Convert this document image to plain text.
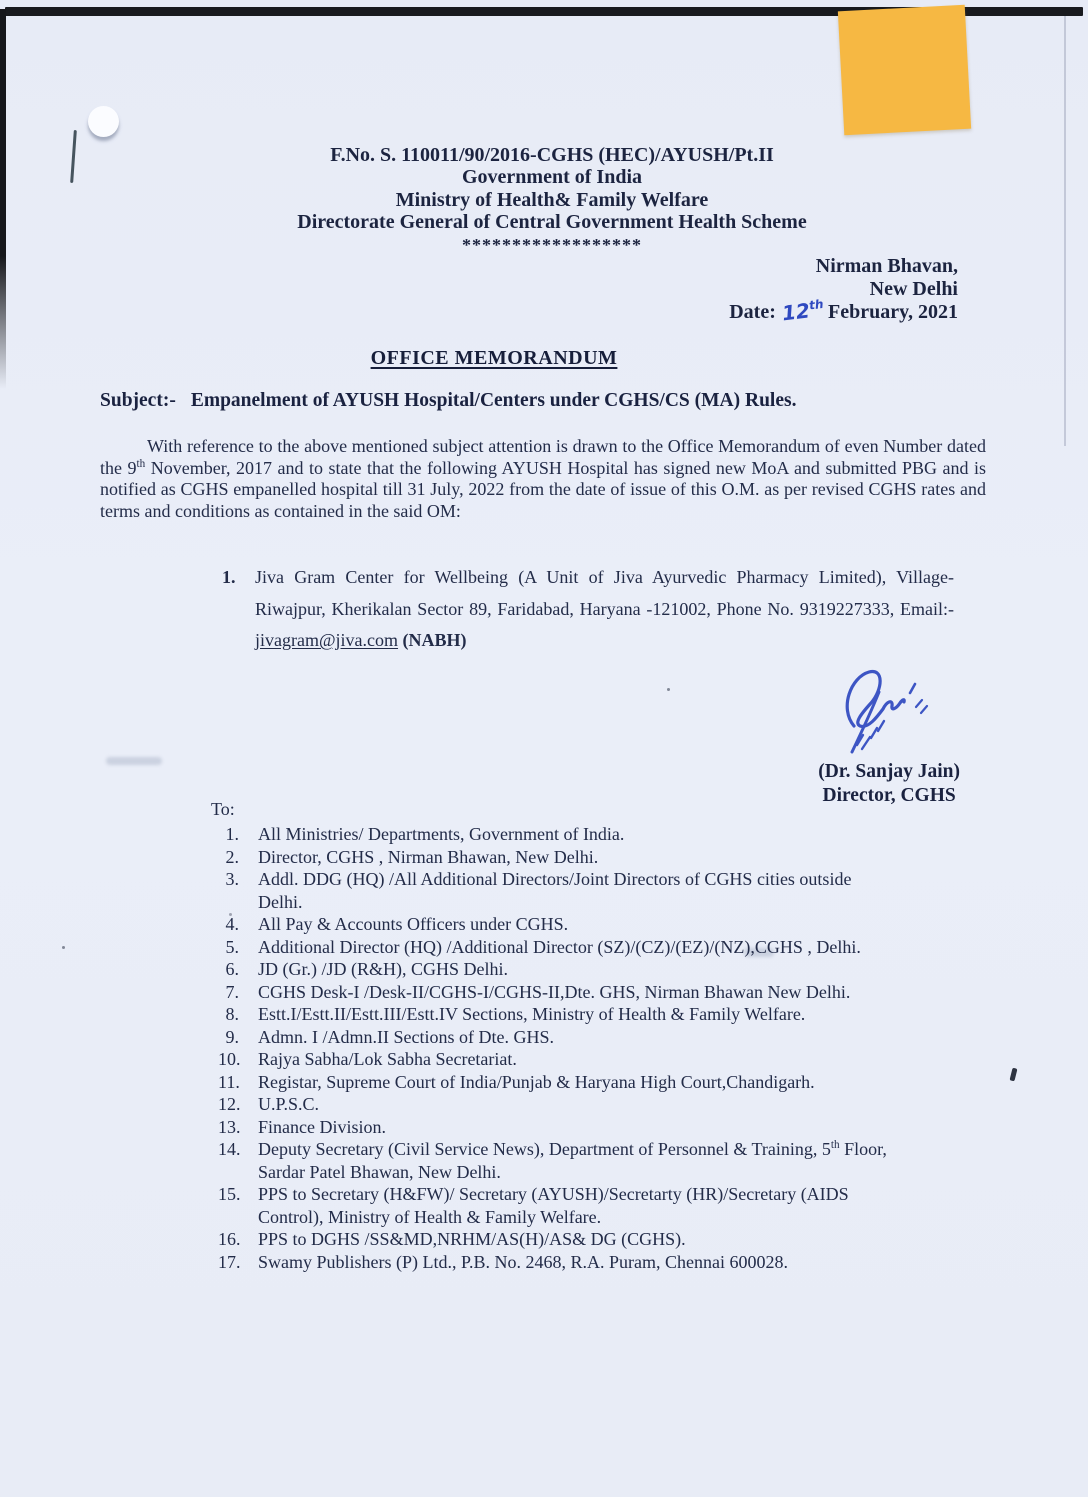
F.No. S. 110011/90/2016-CGHS (HEC)/AYUSH/Pt.II
Government of India
Ministry of Health& Family Welfare
Directorate General of Central Government Health Scheme
******************
Nirman Bhavan,
New Delhi
Date: 12th February, 2021
OFFICE MEMORANDUM
Subject:- Empanelment of AYUSH Hospital/Centers under CGHS/CS (MA) Rules.
With reference to the above mentioned subject attention is drawn to the Office Memorandum of even Number dated the 9th November, 2017 and to state that the following AYUSH Hospital has signed new MoA and submitted PBG and is notified as CGHS empanelled hospital till 31 July, 2022 from the date of issue of this O.M. as per revised CGHS rates and terms and conditions as contained in the said OM:
1. Jiva Gram Center for Wellbeing (A Unit of Jiva Ayurvedic Pharmacy Limited), Village-Riwajpur, Kherikalan Sector 89, Faridabad, Haryana -121002, Phone No. 9319227333, Email:- jivagram@jiva.com (NABH)
(Dr. Sanjay Jain)
Director, CGHS
To:
1.	All Ministries/ Departments, Government of India.
2.	Director, CGHS , Nirman Bhawan, New Delhi.
3.	Addl. DDG (HQ) /All Additional Directors/Joint Directors of CGHS cities outside
Delhi.
4.	All Pay & Accounts Officers under CGHS.
5.	Additional Director (HQ) /Additional Director (SZ)/(CZ)/(EZ)/(NZ),CGHS , Delhi.
6.	JD (Gr.) /JD (R&H), CGHS Delhi.
7.	CGHS Desk-I /Desk-II/CGHS-I/CGHS-II,Dte. GHS, Nirman Bhawan New Delhi.
8.	Estt.I/Estt.II/Estt.III/Estt.IV Sections, Ministry of Health & Family Welfare.
9.	Admn. I /Admn.II Sections of Dte. GHS.
10. Rajya Sabha/Lok Sabha Secretariat.
11.	Registar, Supreme Court of India/Punjab & Haryana High Court,Chandigarh.
12. U.P.S.C.
13. Finance Division.
14. Deputy Secretary (Civil Service News), Department of Personnel & Training, 5th Floor,
Sardar Patel Bhawan, New Delhi.
15. PPS to Secretary (H&FW)/ Secretary (AYUSH)/Secretarty (HR)/Secretary (AIDS
Control), Ministry of Health & Family Welfare.
16. PPS to DGHS /SS&MD,NRHM/AS(H)/AS& DG (CGHS).
17. Swamy Publishers (P) Ltd., P.B. No. 2468, R.A. Puram, Chennai 600028.
